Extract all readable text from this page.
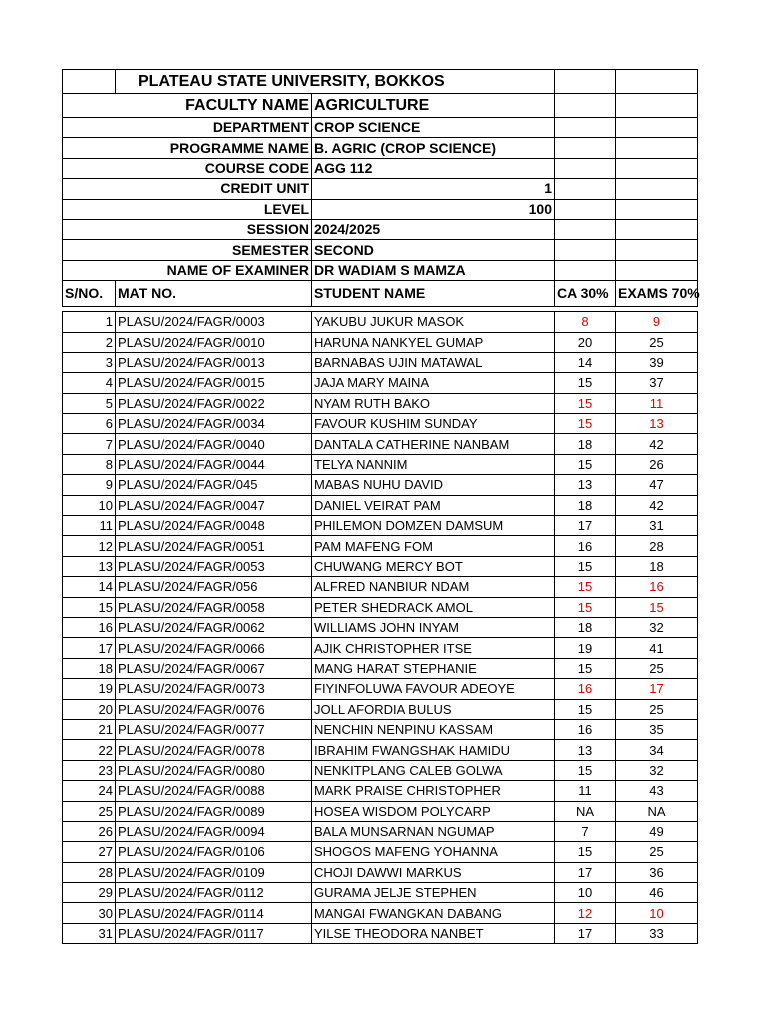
	PLATEAU STATE UNIVERSITY, BOKKOS			
FACULTY NAME		AGRICULTURE		
DEPARTMENT		CROP SCIENCE		
PROGRAMME NAME		B. AGRIC (CROP SCIENCE)		
COURSE CODE		AGG 112		
CREDIT UNIT		1		
LEVEL		100		
SESSION		2024/2025		
SEMESTER		SECOND		
NAME OF EXAMINER		DR WADIAM S MAMZA		
S/NO.	MAT NO.	STUDENT NAME	CA 30%	EXAMS 70%

1	PLASU/2024/FAGR/0003	YAKUBU JUKUR MASOK	8	9
2	PLASU/2024/FAGR/0010	HARUNA NANKYEL GUMAP	20	25
3	PLASU/2024/FAGR/0013	BARNABAS UJIN MATAWAL	14	39
4	PLASU/2024/FAGR/0015	JAJA MARY MAINA	15	37
5	PLASU/2024/FAGR/0022	NYAM RUTH BAKO	15	11
6	PLASU/2024/FAGR/0034	FAVOUR KUSHIM SUNDAY	15	13
7	PLASU/2024/FAGR/0040	DANTALA CATHERINE NANBAM	18	42
8	PLASU/2024/FAGR/0044	TELYA NANNIM	15	26
9	PLASU/2024/FAGR/045	MABAS NUHU DAVID	13	47
10	PLASU/2024/FAGR/0047	DANIEL VEIRAT PAM	18	42
11	PLASU/2024/FAGR/0048	PHILEMON DOMZEN DAMSUM	17	31
12	PLASU/2024/FAGR/0051	PAM MAFENG FOM	16	28
13	PLASU/2024/FAGR/0053	CHUWANG MERCY BOT	15	18
14	PLASU/2024/FAGR/056	ALFRED NANBIUR NDAM	15	16
15	PLASU/2024/FAGR/0058	PETER SHEDRACK AMOL	15	15
16	PLASU/2024/FAGR/0062	WILLIAMS JOHN INYAM	18	32
17	PLASU/2024/FAGR/0066	AJIK CHRISTOPHER ITSE	19	41
18	PLASU/2024/FAGR/0067	MANG HARAT STEPHANIE	15	25
19	PLASU/2024/FAGR/0073	FIYINFOLUWA FAVOUR ADEOYE	16	17
20	PLASU/2024/FAGR/0076	JOLL AFORDIA BULUS	15	25
21	PLASU/2024/FAGR/0077	NENCHIN NENPINU KASSAM	16	35
22	PLASU/2024/FAGR/0078	IBRAHIM FWANGSHAK HAMIDU	13	34
23	PLASU/2024/FAGR/0080	NENKITPLANG CALEB GOLWA	15	32
24	PLASU/2024/FAGR/0088	MARK PRAISE CHRISTOPHER	11	43
25	PLASU/2024/FAGR/0089	HOSEA WISDOM POLYCARP	NA	NA
26	PLASU/2024/FAGR/0094	BALA MUNSARNAN NGUMAP	7	49
27	PLASU/2024/FAGR/0106	SHOGOS MAFENG YOHANNA	15	25
28	PLASU/2024/FAGR/0109	CHOJI DAWWI MARKUS	17	36
29	PLASU/2024/FAGR/0112	GURAMA JELJE STEPHEN	10	46
30	PLASU/2024/FAGR/0114	MANGAI FWANGKAN DABANG	12	10
31	PLASU/2024/FAGR/0117	YILSE THEODORA NANBET	17	33
